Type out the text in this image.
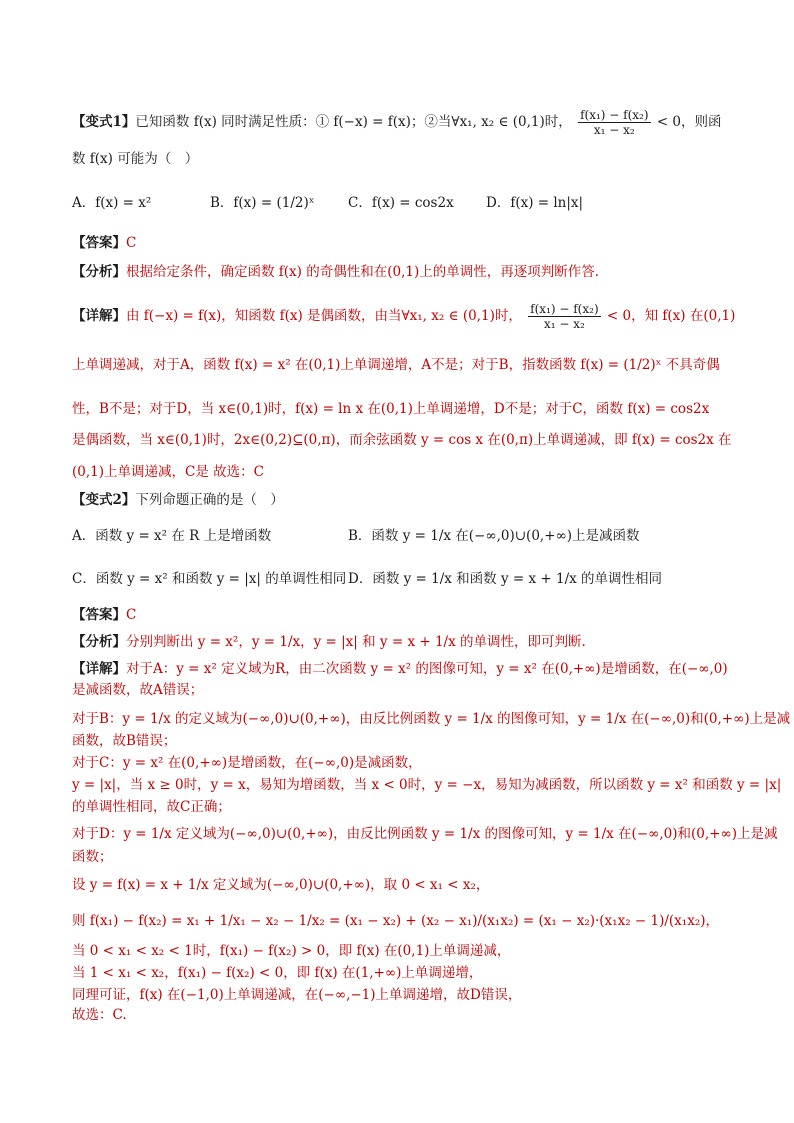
【变式1】已知函数 f(x) 同时满足性质：① f(−x) = f(x)；②当∀x₁, x₂ ∈ (0,1)时， $\frac{\text{f(x₁) − f(x₂)}}{\text{x₁ − x₂}} < 0$，则函
数 f(x) 可能为（　）
A．f(x) = x²	B．f(x) = (1/2)ˣ C．f(x) = cos2x D．f(x) = ln|x|
【答案】C
【分析】根据给定条件，确定函数 f(x) 的奇偶性和在(0,1)上的单调性，再逐项判断作答.
【详解】由 f(−x) = f(x)，知函数 f(x) 是偶函数，由当∀x₁, x₂ ∈ (0,1)时， $\frac{\text{f(x₁) − f(x₂)}}{\text{x₁ − x₂}} < 0$，知 f(x) 在(0,1)
上单调递减，对于A，函数 f(x) = x² 在(0,1)上单调递增，A不是；对于B，指数函数 f(x) = (1/2)ˣ 不具奇偶
性，B不是；对于D，当 x∈(0,1)时，f(x) = ln x 在(0,1)上单调递增，D不是；对于C，函数 f(x) = cos2x
是偶函数，当 x∈(0,1)时，2x∈(0,2)⊆(0,π)，而余弦函数 y = cos x 在(0,π)上单调递减，即 f(x) = cos2x 在
(0,1)上单调递减，C是 故选：C
【变式2】下列命题正确的是（　）
A．函数 y = x² 在 R 上是增函数	B．函数 y = 1/x 在(−∞,0)∪(0,+∞)上是减函数
C．函数 y = x² 和函数 y = |x| 的单调性相同 D．函数 y = 1/x 和函数 y = x + 1/x 的单调性相同
【答案】C
【分析】分别判断出 y = x²，y = 1/x，y = |x| 和 y = x + 1/x 的单调性，即可判断.
【详解】对于A：y = x² 定义域为R，由二次函数 y = x² 的图像可知，y = x² 在(0,+∞)是增函数，在(−∞,0)
是减函数，故A错误；
对于B：y = 1/x 的定义域为(−∞,0)∪(0,+∞)，由反比例函数 y = 1/x 的图像可知，y = 1/x 在(−∞,0)和(0,+∞)上是减
函数，故B错误；
对于C：y = x² 在(0,+∞)是增函数，在(−∞,0)是减函数，
y = |x|，当 x ≥ 0时，y = x，易知为增函数，当 x < 0时，y = −x，易知为减函数，所以函数 y = x² 和函数 y = |x|
的单调性相同，故C正确；
对于D：y = 1/x 定义域为(−∞,0)∪(0,+∞)，由反比例函数 y = 1/x 的图像可知，y = 1/x 在(−∞,0)和(0,+∞)上是减
函数；
设 y = f(x) = x + 1/x 定义域为(−∞,0)∪(0,+∞)，取 0 < x₁ < x₂，
则 f(x₁) − f(x₂) = x₁ + 1/x₁ − x₂ − 1/x₂ = (x₁ − x₂) + (x₂ − x₁)/(x₁x₂) = (x₁ − x₂)·(x₁x₂ − 1)/(x₁x₂)，
当 0 < x₁ < x₂ < 1时，f(x₁) − f(x₂) > 0，即 f(x) 在(0,1)上单调递减，
当 1 < x₁ < x₂，f(x₁) − f(x₂) < 0，即 f(x) 在(1,+∞)上单调递增，
同理可证，f(x) 在(−1,0)上单调递减，在(−∞,−1)上单调递增，故D错误，
故选：C.
